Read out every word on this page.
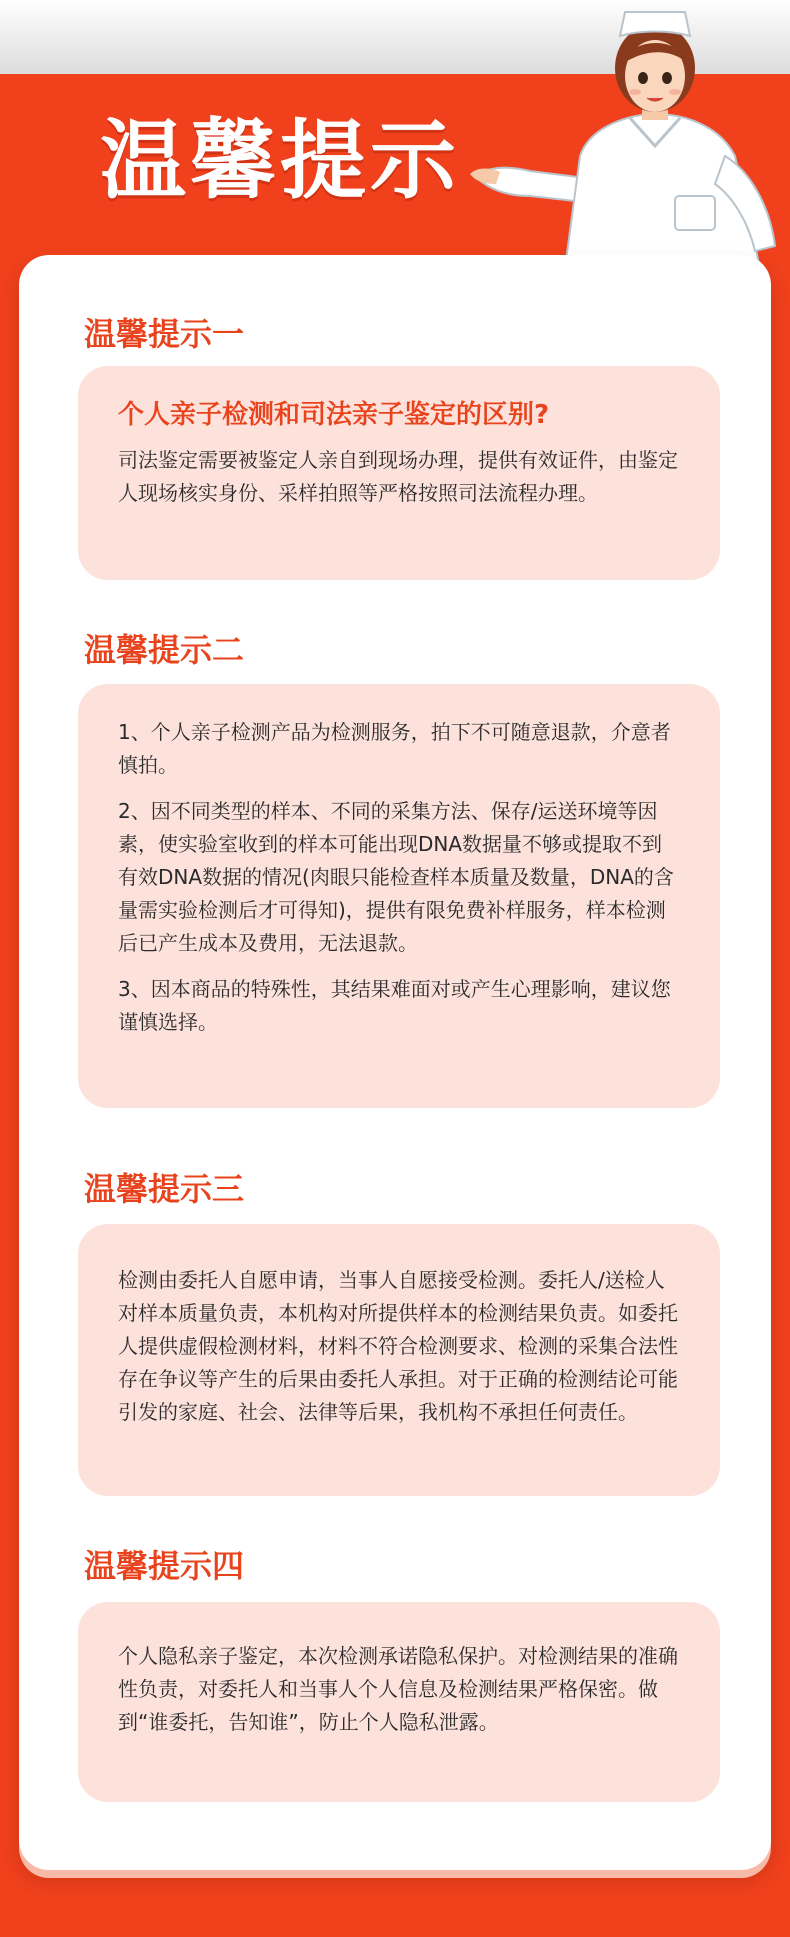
温馨提示
温馨提示一
个人亲子检测和司法亲子鉴定的区别?

司法鉴定需要被鉴定人亲自到现场办理，提供有效证件，由鉴定人现场核实身份、采样拍照等严格按照司法流程办理。

温馨提示二

1、个人亲子检测产品为检测服务，拍下不可随意退款，介意者慎拍。

2、因不同类型的样本、不同的采集方法、保存/运送环境等因素，使实验室收到的样本可能出现DNA数据量不够或提取不到有效DNA数据的情况(肉眼只能检查样本质量及数量，DNA的含量需实验检测后才可得知)，提供有限免费补样服务，样本检测后已产生成本及费用，无法退款。

3、因本商品的特殊性，其结果难面对或产生心理影响，建议您谨慎选择。

温馨提示三

检测由委托人自愿申请，当事人自愿接受检测。委托人/送检人对样本质量负责，本机构对所提供样本的检测结果负责。如委托人提供虚假检测材料，材料不符合检测要求、检测的采集合法性存在争议等产生的后果由委托人承担。对于正确的检测结论可能引发的家庭、社会、法律等后果，我机构不承担任何责任。

温馨提示四

个人隐私亲子鉴定，本次检测承诺隐私保护。对检测结果的准确性负责，对委托人和当事人个人信息及检测结果严格保密。做到“谁委托，告知谁”，防止个人隐私泄露。
